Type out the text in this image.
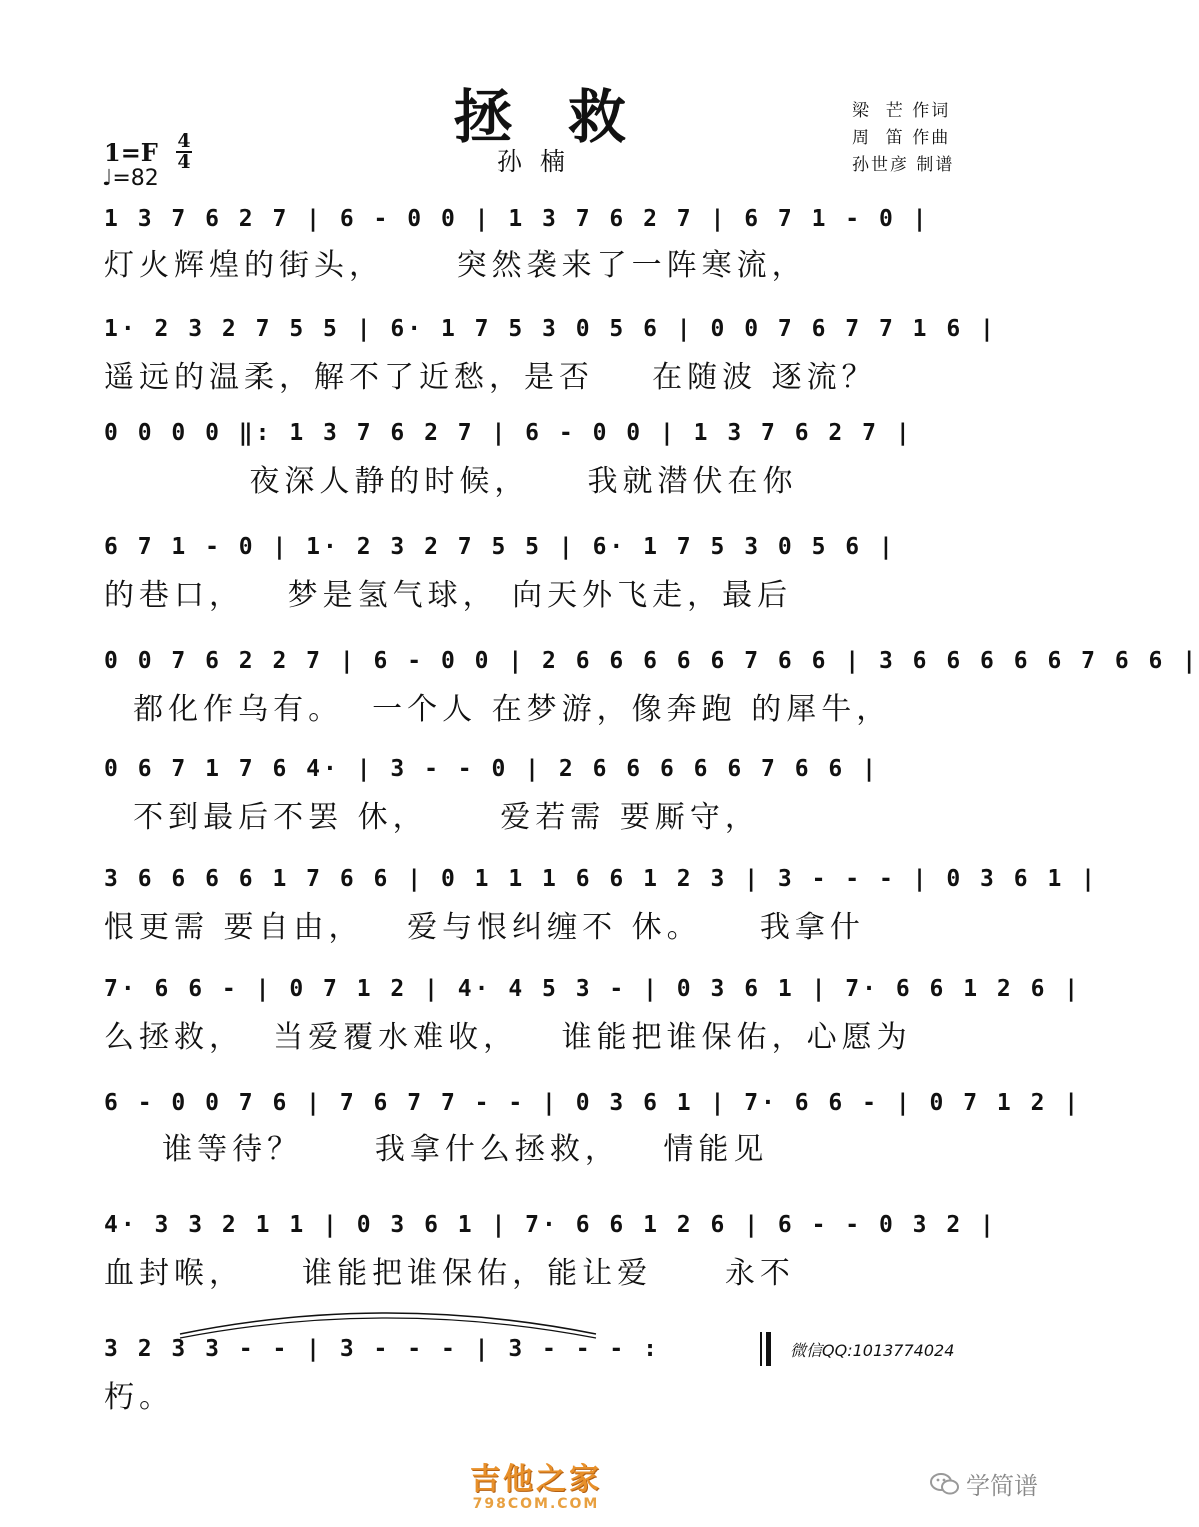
拯救
孙楠
梁  芒 作词
周  笛 作曲
孙世彦 制谱
1=F 4
4
♩=82
1 3 7 6 2 7 | 6 - 0 0 | 1 3 7 6 2 7 | 6 7 1 - 0 |
灯火辉煌的街头，     突然袭来了一阵寒流，
1· 2 3 2 7 5 5 | 6· 1 7 5 3 0 5 6 | 0 0 7 6 7 7 1 6 |
遥远的温柔，解不了近愁，是否    在随波 逐流？
0 0 0 0 ‖: 1 3 7 6 2 7 | 6 - 0 0 | 1 3 7 6 2 7 |
夜深人静的时候，    我就潜伏在你
6 7 1 - 0 | 1· 2 3 2 7 5 5 | 6· 1 7 5 3 0 5 6 |
的巷口，   梦是氢气球， 向天外飞走，最后
0 0 7 6 2 2 7 | 6 - 0 0 | 2 6 6 6 6 6 7 6 6 | 3 6 6 6 6 6 7 6 6 |
都化作乌有。  一个人 在梦游，像奔跑 的犀牛，
0 6 7 1 7 6 4· | 3 - - 0 | 2 6 6 6 6 6 7 6 6 |
不到最后不罢 休，     爱若需 要厮守，
3 6 6 6 6 1 7 6 6 | 0 1 1 1 6 6 1 2 3 | 3 - - - | 0 3 6 1 |
恨更需 要自由，   爱与恨纠缠不 休。    我拿什
7· 6 6 - | 0 7 1 2 | 4· 4 5 3 - | 0 3 6 1 | 7· 6 6 1 2 6 |
么拯救，  当爱覆水难收，   谁能把谁保佑，心愿为
6 - 0 0 7 6 | 7 6 7 7 - - | 0 3 6 1 | 7· 6 6 - | 0 7 1 2 |
谁等待？     我拿什么拯救，   情能见
4· 3 3 2 1 1 | 0 3 6 1 | 7· 6 6 1 2 6 | 6 - - 0 3 2 |
血封喉，    谁能把谁保佑，能让爱     永不
3 2 3 3 - - | 3 - - - | 3 - - - :
朽。
微信QQ:1013774024
吉他之家
798COM.COM
学简谱
